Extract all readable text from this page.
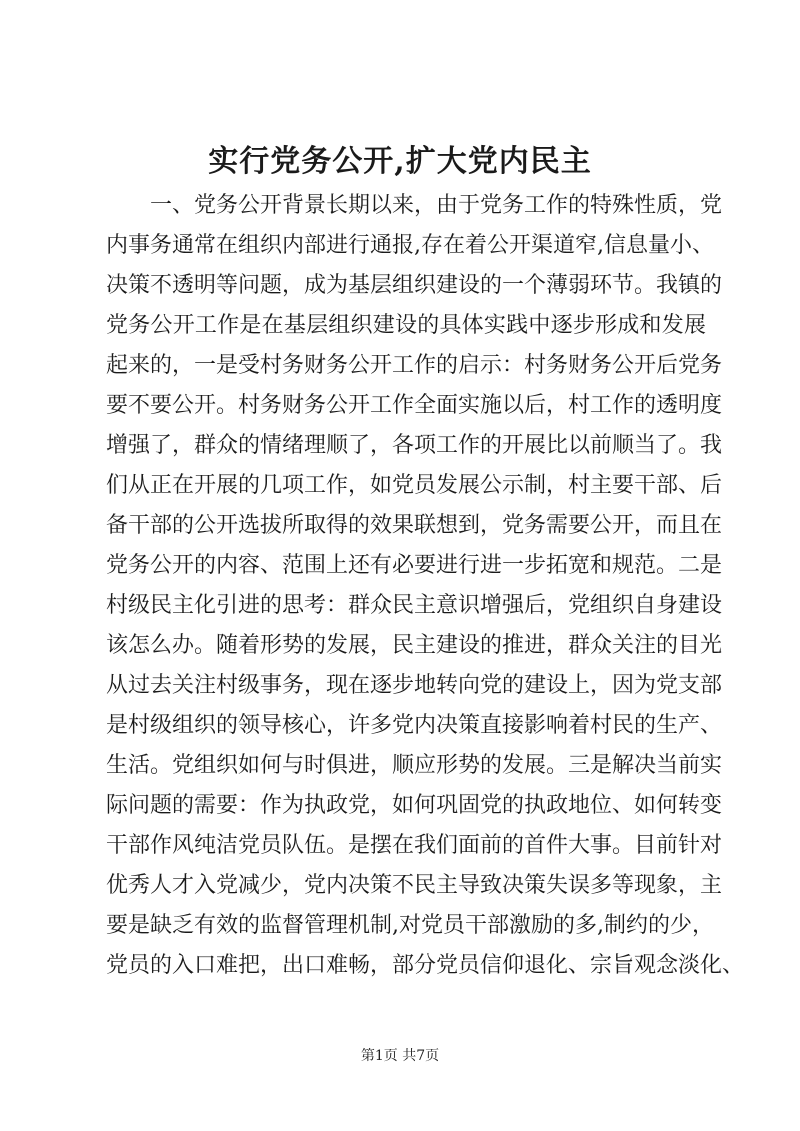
实行党务公开,扩大党内民主
一、党务公开背景长期以来，由于党务工作的特殊性质，党
内事务通常在组织内部进行通报,存在着公开渠道窄,信息量小、
决策不透明等问题，成为基层组织建设的一个薄弱环节。我镇的
党务公开工作是在基层组织建设的具体实践中逐步形成和发展
起来的，一是受村务财务公开工作的启示：村务财务公开后党务
要不要公开。村务财务公开工作全面实施以后，村工作的透明度
增强了，群众的情绪理顺了，各项工作的开展比以前顺当了。我
们从正在开展的几项工作，如党员发展公示制，村主要干部、后
备干部的公开选拔所取得的效果联想到，党务需要公开，而且在
党务公开的内容、范围上还有必要进行进一步拓宽和规范。二是
村级民主化引进的思考：群众民主意识增强后，党组织自身建设
该怎么办。随着形势的发展，民主建设的推进，群众关注的目光
从过去关注村级事务，现在逐步地转向党的建设上，因为党支部
是村级组织的领导核心，许多党内决策直接影响着村民的生产、
生活。党组织如何与时俱进，顺应形势的发展。三是解决当前实
际问题的需要：作为执政党，如何巩固党的执政地位、如何转变
干部作风纯洁党员队伍。是摆在我们面前的首件大事。目前针对
优秀人才入党减少，党内决策不民主导致决策失误多等现象，主
要是缺乏有效的监督管理机制,对党员干部激励的多,制约的少，
党员的入口难把，出口难畅，部分党员信仰退化、宗旨观念淡化、
第1页 共7页
